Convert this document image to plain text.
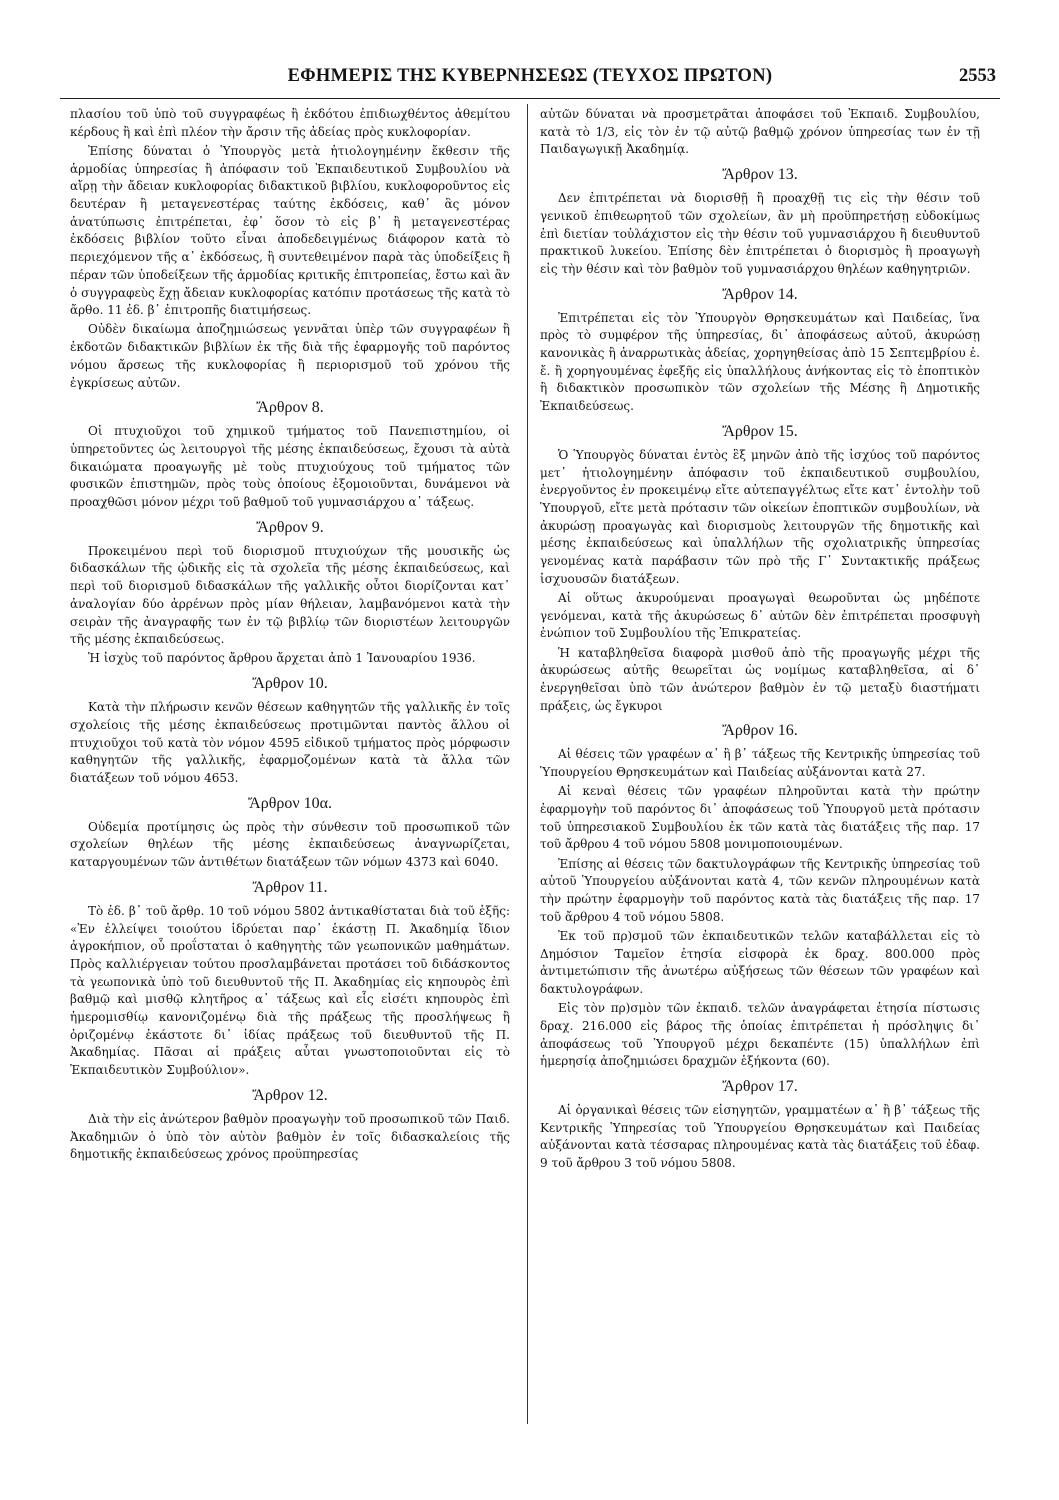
ΕΦΗΜΕΡΙΣ ΤΗΣ ΚΥΒΕΡΝΗΣΕΩΣ (ΤΕΥΧΟΣ ΠΡΩΤΟΝ)	2553

πλασίου τοῦ ὑπὸ τοῦ συγγραφέως ἢ ἐκδότου ἐπιδιωχθέντος ἀθεμίτου κέρδους ἢ καὶ ἐπὶ πλέον τὴν ἄρσιν τῆς ἀδείας πρὸς κυκλοφορίαν.

Ἐπίσης δύναται ὁ Ὑπουργὸς μετὰ ἠτιολογημένην ἔκθεσιν τῆς ἁρμοδίας ὑπηρεσίας ἢ ἀπόφασιν τοῦ Ἐκπαιδευτικοῦ Συμβουλίου νὰ αἴρῃ τὴν ἄδειαν κυκλοφορίας διδακτικοῦ βιβλίου, κυκλοφοροῦντος εἰς δευτέραν ἢ μεταγενεστέρας ταύτης ἐκδόσεις, καθ᾽ ἃς μόνον ἀνατύπωσις ἐπιτρέπεται, ἐφ᾽ ὅσον τὸ εἰς β᾽ ἢ μεταγενεστέρας ἐκδόσεις βιβλίον τοῦτο εἶναι ἀποδεδειγμένως διάφορον κατὰ τὸ περιεχόμενον τῆς α᾽ ἐκδόσεως, ἢ συντεθειμένον παρὰ τὰς ὑποδείξεις ἢ πέραν τῶν ὑποδείξεων τῆς ἁρμοδίας κριτικῆς ἐπιτροπείας, ἔστω καὶ ἂν ὁ συγγραφεὺς ἔχῃ ἄδειαν κυκλοφορίας κατόπιν προτάσεως τῆς κατὰ τὸ ἄρθο. 11 ἐδ. β᾽ ἐπιτροπῆς διατιμήσεως.

Οὐδὲν δικαίωμα ἀποζημιώσεως γεννᾶται ὑπὲρ τῶν συγγραφέων ἢ ἐκδοτῶν διδακτικῶν βιβλίων ἐκ τῆς διὰ τῆς ἐφαρμογῆς τοῦ παρόντος νόμου ἄρσεως τῆς κυκλοφορίας ἢ περιορισμοῦ τοῦ χρόνου τῆς ἐγκρίσεως αὐτῶν.

Ἄρθρον 8.

Οἱ πτυχιοῦχοι τοῦ χημικοῦ τμήματος τοῦ Πανεπιστημίου, οἱ ὑπηρετοῦντες ὡς λειτουργοὶ τῆς μέσης ἐκπαιδεύσεως, ἔχουσι τὰ αὐτὰ δικαιώματα προαγωγῆς μὲ τοὺς πτυχιούχους τοῦ τμήματος τῶν φυσικῶν ἐπιστημῶν, πρὸς τοὺς ὁποίους ἐξομοιοῦνται, δυνάμενοι νὰ προαχθῶσι μόνον μέχρι τοῦ βαθμοῦ τοῦ γυμνασιάρχου α᾽ τάξεως.

Ἄρθρον 9.

Προκειμένου περὶ τοῦ διορισμοῦ πτυχιούχων τῆς μουσικῆς ὡς διδασκάλων τῆς ᾠδικῆς εἰς τὰ σχολεῖα τῆς μέσης ἐκπαιδεύσεως, καὶ περὶ τοῦ διορισμοῦ διδασκάλων τῆς γαλλικῆς οὗτοι διορίζονται κατ᾽ ἀναλογίαν δύο ἀρρένων πρὸς μίαν θήλειαν, λαμβανόμενοι κατὰ τὴν σειρὰν τῆς ἀναγραφῆς των ἐν τῷ βιβλίῳ τῶν διοριστέων λειτουργῶν τῆς μέσης ἐκπαιδεύσεως.

Ἡ ἰσχὺς τοῦ παρόντος ἄρθρου ἄρχεται ἀπὸ 1 Ἰανουαρίου 1936.

Ἄρθρον 10.

Κατὰ τὴν πλήρωσιν κενῶν θέσεων καθηγητῶν τῆς γαλλικῆς ἐν τοῖς σχολείοις τῆς μέσης ἐκπαιδεύσεως προτιμῶνται παντὸς ἄλλου οἱ πτυχιοῦχοι τοῦ κατὰ τὸν νόμον 4595 εἰδικοῦ τμήματος πρὸς μόρφωσιν καθηγητῶν τῆς γαλλικῆς, ἐφαρμοζομένων κατὰ τὰ ἄλλα τῶν διατάξεων τοῦ νόμου 4653.

Ἄρθρον 10α.

Οὐδεμία προτίμησις ὡς πρὸς τὴν σύνθεσιν τοῦ προσωπικοῦ τῶν σχολείων θηλέων τῆς μέσης ἐκπαιδεύσεως ἀναγνωρίζεται, καταργουμένων τῶν ἀντιθέτων διατάξεων τῶν νόμων 4373 καὶ 6040.

Ἄρθρον 11.

Τὸ ἐδ. β᾽ τοῦ ἄρθρ. 10 τοῦ νόμου 5802 ἀντικαθίσταται διὰ τοῦ ἑξῆς: «Ἐν ἐλλείψει τοιούτου ἱδρύεται παρ᾽ ἑκάστῃ Π. Ἀκαδημίᾳ ἴδιον ἀγροκήπιον, οὗ προΐσταται ὁ καθηγητὴς τῶν γεωπονικῶν μαθημάτων. Πρὸς καλλιέργειαν τούτου προσλαμβάνεται προτάσει τοῦ διδάσκοντος τὰ γεωπονικὰ ὑπὸ τοῦ διευθυντοῦ τῆς Π. Ἀκαδημίας εἰς κηπουρὸς ἐπὶ βαθμῷ καὶ μισθῷ κλητῆρος α᾽ τάξεως καὶ εἷς εἰσέτι κηπουρὸς ἐπὶ ἡμερομισθίῳ κανονιζομένῳ διὰ τῆς πράξεως τῆς προσλήψεως ἢ ὁριζομένῳ ἑκάστοτε δι᾽ ἰδίας πράξεως τοῦ διευθυντοῦ τῆς Π. Ἀκαδημίας. Πᾶσαι αἱ πράξεις αὗται γνωστοποιοῦνται εἰς τὸ Ἐκπαιδευτικὸν Συμβούλιον».

Ἄρθρον 12.

Διὰ τὴν εἰς ἀνώτερον βαθμὸν προαγωγὴν τοῦ προσωπικοῦ τῶν Παιδ. Ἀκαδημιῶν ὁ ὑπὸ τὸν αὐτὸν βαθμὸν ἐν τοῖς διδασκαλείοις τῆς δημοτικῆς ἐκπαιδεύσεως χρόνος προϋπηρεσίας

αὐτῶν δύναται νὰ προσμετρᾶται ἀποφάσει τοῦ Ἐκπαιδ. Συμβουλίου, κατὰ τὸ 1/3, εἰς τὸν ἐν τῷ αὐτῷ βαθμῷ χρόνον ὑπηρεσίας των ἐν τῇ Παιδαγωγικῇ Ἀκαδημίᾳ.

Ἄρθρον 13.

Δεν ἐπιτρέπεται νὰ διορισθῇ ἢ προαχθῇ τις εἰς τὴν θέσιν τοῦ γενικοῦ ἐπιθεωρητοῦ τῶν σχολείων, ἂν μὴ προϋπηρετήσῃ εὐδοκίμως ἐπὶ διετίαν τοὐλάχιστον εἰς τὴν θέσιν τοῦ γυμνασιάρχου ἢ διευθυντοῦ πρακτικοῦ λυκείου. Ἐπίσης δὲν ἐπιτρέπεται ὁ διορισμὸς ἢ προαγωγὴ εἰς τὴν θέσιν καὶ τὸν βαθμὸν τοῦ γυμνασιάρχου θηλέων καθηγητριῶν.

Ἄρθρον 14.

Ἐπιτρέπεται εἰς τὸν Ὑπουργὸν Θρησκευμάτων καὶ Παιδείας, ἵνα πρὸς τὸ συμφέρον τῆς ὑπηρεσίας, δι᾽ ἀποφάσεως αὐτοῦ, ἀκυρώσῃ κανονικὰς ἢ ἀναρρωτικὰς ἀδείας, χορηγηθείσας ἀπὸ 15 Σεπτεμβρίου ἐ. ἔ. ἢ χορηγουμένας ἐφεξῆς εἰς ὑπαλλήλους ἀνήκοντας εἰς τὸ ἐποπτικὸν ἢ διδακτικὸν προσωπικὸν τῶν σχολείων τῆς Μέσης ἢ Δημοτικῆς Ἐκπαιδεύσεως.

Ἄρθρον 15.

Ὁ Ὑπουργὸς δύναται ἐντὸς ἓξ μηνῶν ἀπὸ τῆς ἰσχύος τοῦ παρόντος μετ᾽ ἠτιολογημένην ἀπόφασιν τοῦ ἐκπαιδευτικοῦ συμβουλίου, ἐνεργοῦντος ἐν προκειμένῳ εἴτε αὐτεπαγγέλτως εἴτε κατ᾽ ἐντολὴν τοῦ Ὑπουργοῦ, εἴτε μετὰ πρότασιν τῶν οἰκείων ἐποπτικῶν συμβουλίων, νὰ ἀκυρώσῃ προαγωγὰς καὶ διορισμοὺς λειτουργῶν τῆς δημοτικῆς καὶ μέσης ἐκπαιδεύσεως καὶ ὑπαλλήλων τῆς σχολιατρικῆς ὑπηρεσίας γενομένας κατὰ παράβασιν τῶν πρὸ τῆς Γ᾽ Συντακτικῆς πράξεως ἰσχυουσῶν διατάξεων.

Αἱ οὕτως ἀκυρούμεναι προαγωγαὶ θεωροῦνται ὡς μηδέποτε γενόμεναι, κατὰ τῆς ἀκυρώσεως δ᾽ αὐτῶν δὲν ἐπιτρέπεται προσφυγὴ ἐνώπιον τοῦ Συμβουλίου τῆς Ἐπικρατείας.

Ἡ καταβληθεῖσα διαφορὰ μισθοῦ ἀπὸ τῆς προαγωγῆς μέχρι τῆς ἀκυρώσεως αὐτῆς θεωρεῖται ὡς νομίμως καταβληθεῖσα, αἱ δ᾽ ἐνεργηθεῖσαι ὑπὸ τῶν ἀνώτερον βαθμὸν ἐν τῷ μεταξὺ διαστήματι πράξεις, ὡς ἔγκυροι

Ἄρθρον 16.

Αἱ θέσεις τῶν γραφέων α᾽ ἢ β᾽ τάξεως τῆς Κεντρικῆς ὑπηρεσίας τοῦ Ὑπουργείου Θρησκευμάτων καὶ Παιδείας αὐξάνονται κατὰ 27.

Αἱ κεναὶ θέσεις τῶν γραφέων πληροῦνται κατὰ τὴν πρώτην ἐφαρμογὴν τοῦ παρόντος δι᾽ ἀποφάσεως τοῦ Ὑπουργοῦ μετὰ πρότασιν τοῦ ὑπηρεσιακοῦ Συμβουλίου ἐκ τῶν κατὰ τὰς διατάξεις τῆς παρ. 17 τοῦ ἄρθρου 4 τοῦ νόμου 5808 μονιμοποιουμένων.

Ἐπίσης αἱ θέσεις τῶν δακτυλογράφων τῆς Κεντρικῆς ὑπηρεσίας τοῦ αὐτοῦ Ὑπουργείου αὐξάνονται κατὰ 4, τῶν κενῶν πληρουμένων κατὰ τὴν πρώτην ἐφαρμογὴν τοῦ παρόντος κατὰ τὰς διατάξεις τῆς παρ. 17 τοῦ ἄρθρου 4 τοῦ νόμου 5808.

Ἐκ τοῦ πρ)σμοῦ τῶν ἐκπαιδευτικῶν τελῶν καταβάλλεται εἰς τὸ Δημόσιον Ταμεῖον ἐτησία εἰσφορὰ ἐκ δραχ. 800.000 πρὸς ἀντιμετώπισιν τῆς ἀνωτέρω αὐξήσεως τῶν θέσεων τῶν γραφέων καὶ δακτυλογράφων.

Εἰς τὸν πρ)σμὸν τῶν ἐκπαιδ. τελῶν ἀναγράφεται ἐτησία πίστωσις δραχ. 216.000 εἰς βάρος τῆς ὁποίας ἐπιτρέπεται ἡ πρόσληψις δι᾽ ἀποφάσεως τοῦ Ὑπουργοῦ μέχρι δεκαπέντε (15) ὑπαλλήλων ἐπὶ ἡμερησίᾳ ἀποζημιώσει δραχμῶν ἑξήκοντα (60).

Ἄρθρον 17.

Αἱ ὀργανικαὶ θέσεις τῶν εἰσηγητῶν, γραμματέων α᾽ ἢ β᾽ τάξεως τῆς Κεντρικῆς Ὑπηρεσίας τοῦ Ὑπουργείου Θρησκευμάτων καὶ Παιδείας αὐξάνονται κατὰ τέσσαρας πληρουμένας κατὰ τὰς διατάξεις τοῦ ἐδαφ. 9 τοῦ ἄρθρου 3 τοῦ νόμου 5808.
